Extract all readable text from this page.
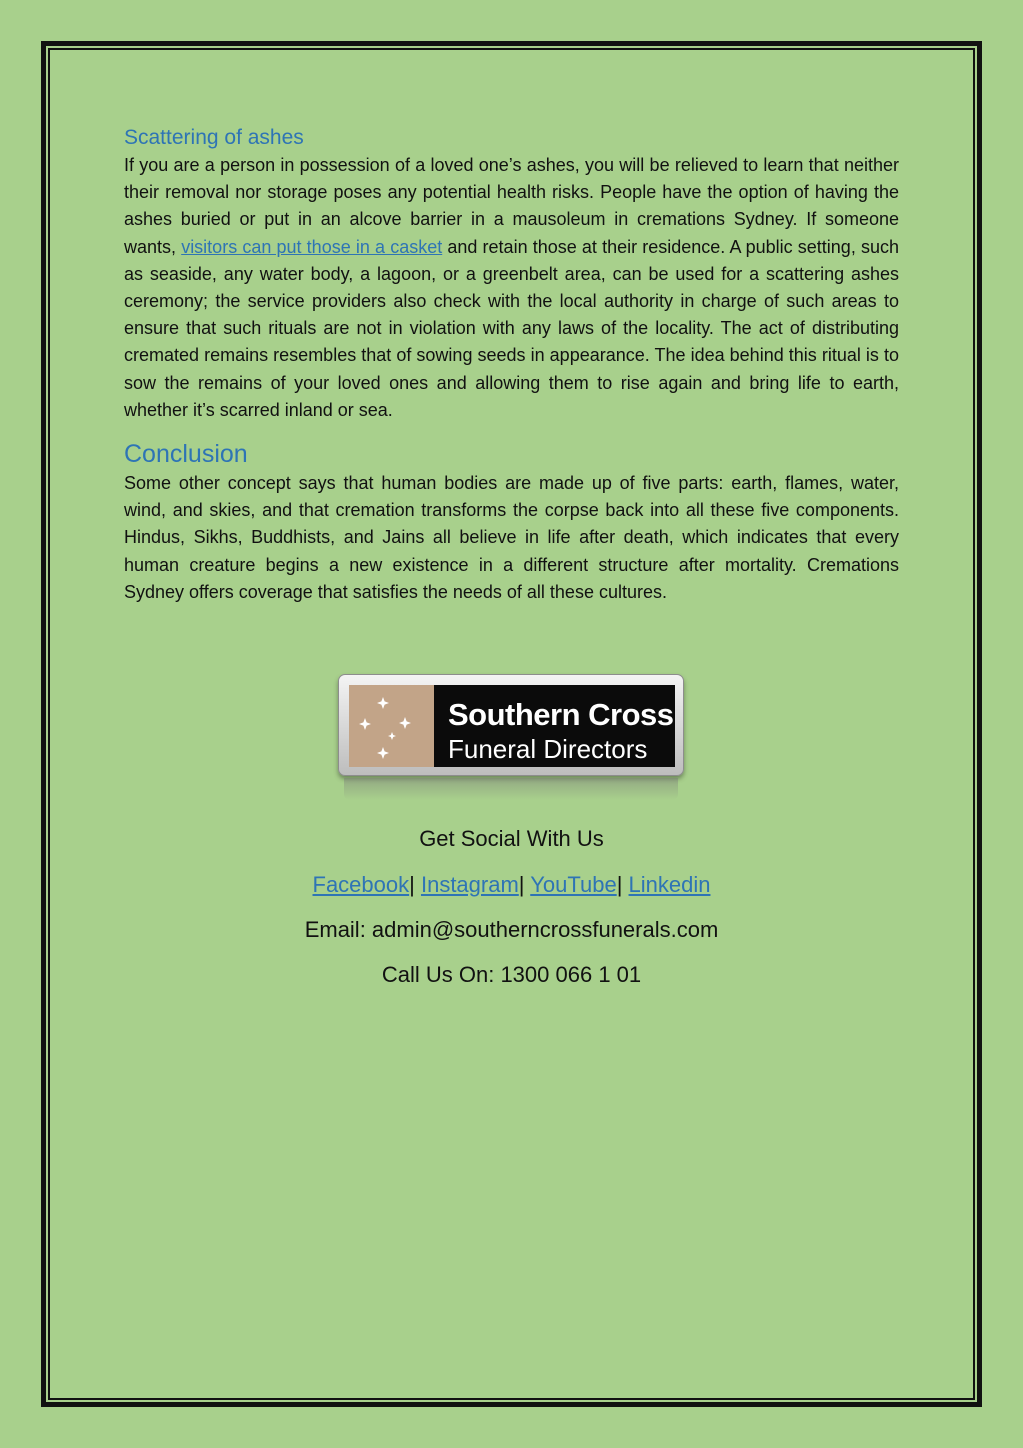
Scattering of ashes

If you are a person in possession of a loved one’s ashes, you will be relieved to learn that neither their removal nor storage poses any potential health risks. People have the option of having the ashes buried or put in an alcove barrier in a mausoleum in cremations Sydney. If someone wants, visitors can put those in a casket and retain those at their residence. A public setting, such as seaside, any water body, a lagoon, or a greenbelt area, can be used for a scattering ashes ceremony; the service providers also check with the local authority in charge of such areas to ensure that such rituals are not in violation with any laws of the locality. The act of distributing cremated remains resembles that of sowing seeds in appearance. The idea behind this ritual is to sow the remains of your loved ones and allowing them to rise again and bring life to earth, whether it’s scarred inland or sea.

Conclusion

Some other concept says that human bodies are made up of five parts: earth, flames, water, wind, and skies, and that cremation transforms the corpse back into all these five components. Hindus, Sikhs, Buddhists, and Jains all believe in life after death, which indicates that every human creature begins a new existence in a different structure after mortality. Cremations Sydney offers coverage that satisfies the needs of all these cultures.

Southern Cross
Funeral Directors
Get Social With Us
Facebook| Instagram| YouTube| Linkedin
Email: admin@southerncrossfunerals.com
Call Us On: 1300 066 1 01
